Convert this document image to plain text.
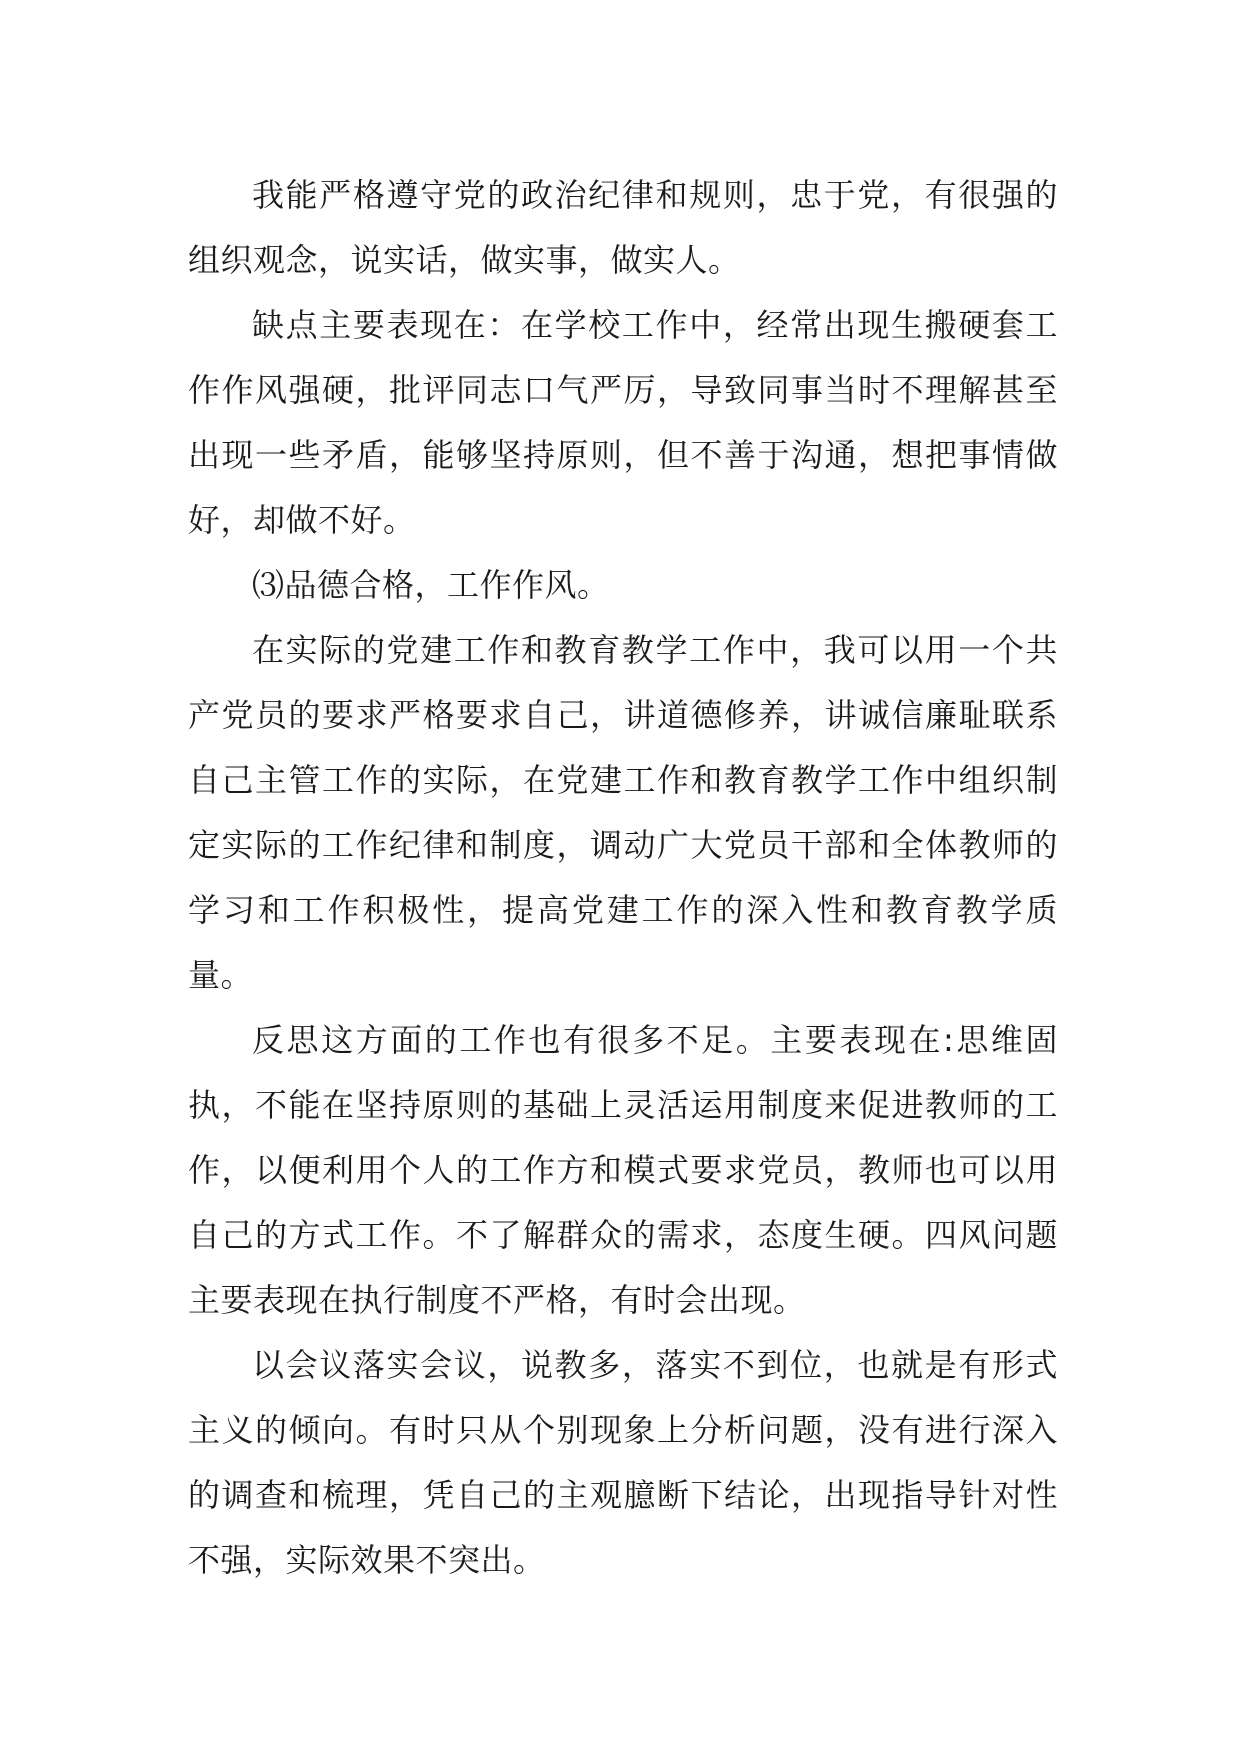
我能严格遵守党的政治纪律和规则，忠于党，有很强的组织观念，说实话，做实事，做实人。

缺点主要表现在：在学校工作中，经常出现生搬硬套工作作风强硬，批评同志口气严厉，导致同事当时不理解甚至出现一些矛盾，能够坚持原则，但不善于沟通，想把事情做好，却做不好。

⑶品德合格，工作作风。

在实际的党建工作和教育教学工作中，我可以用一个共产党员的要求严格要求自己，讲道德修养，讲诚信廉耻联系自己主管工作的实际，在党建工作和教育教学工作中组织制定实际的工作纪律和制度，调动广大党员干部和全体教师的学习和工作积极性，提高党建工作的深入性和教育教学质量。

反思这方面的工作也有很多不足。主要表现在:思维固执，不能在坚持原则的基础上灵活运用制度来促进教师的工作，以便利用个人的工作方和模式要求党员，教师也可以用自己的方式工作。不了解群众的需求，态度生硬。四风问题主要表现在执行制度不严格，有时会出现。

以会议落实会议，说教多，落实不到位，也就是有形式主义的倾向。有时只从个别现象上分析问题，没有进行深入的调查和梳理，凭自己的主观臆断下结论，出现指导针对性不强，实际效果不突出。
